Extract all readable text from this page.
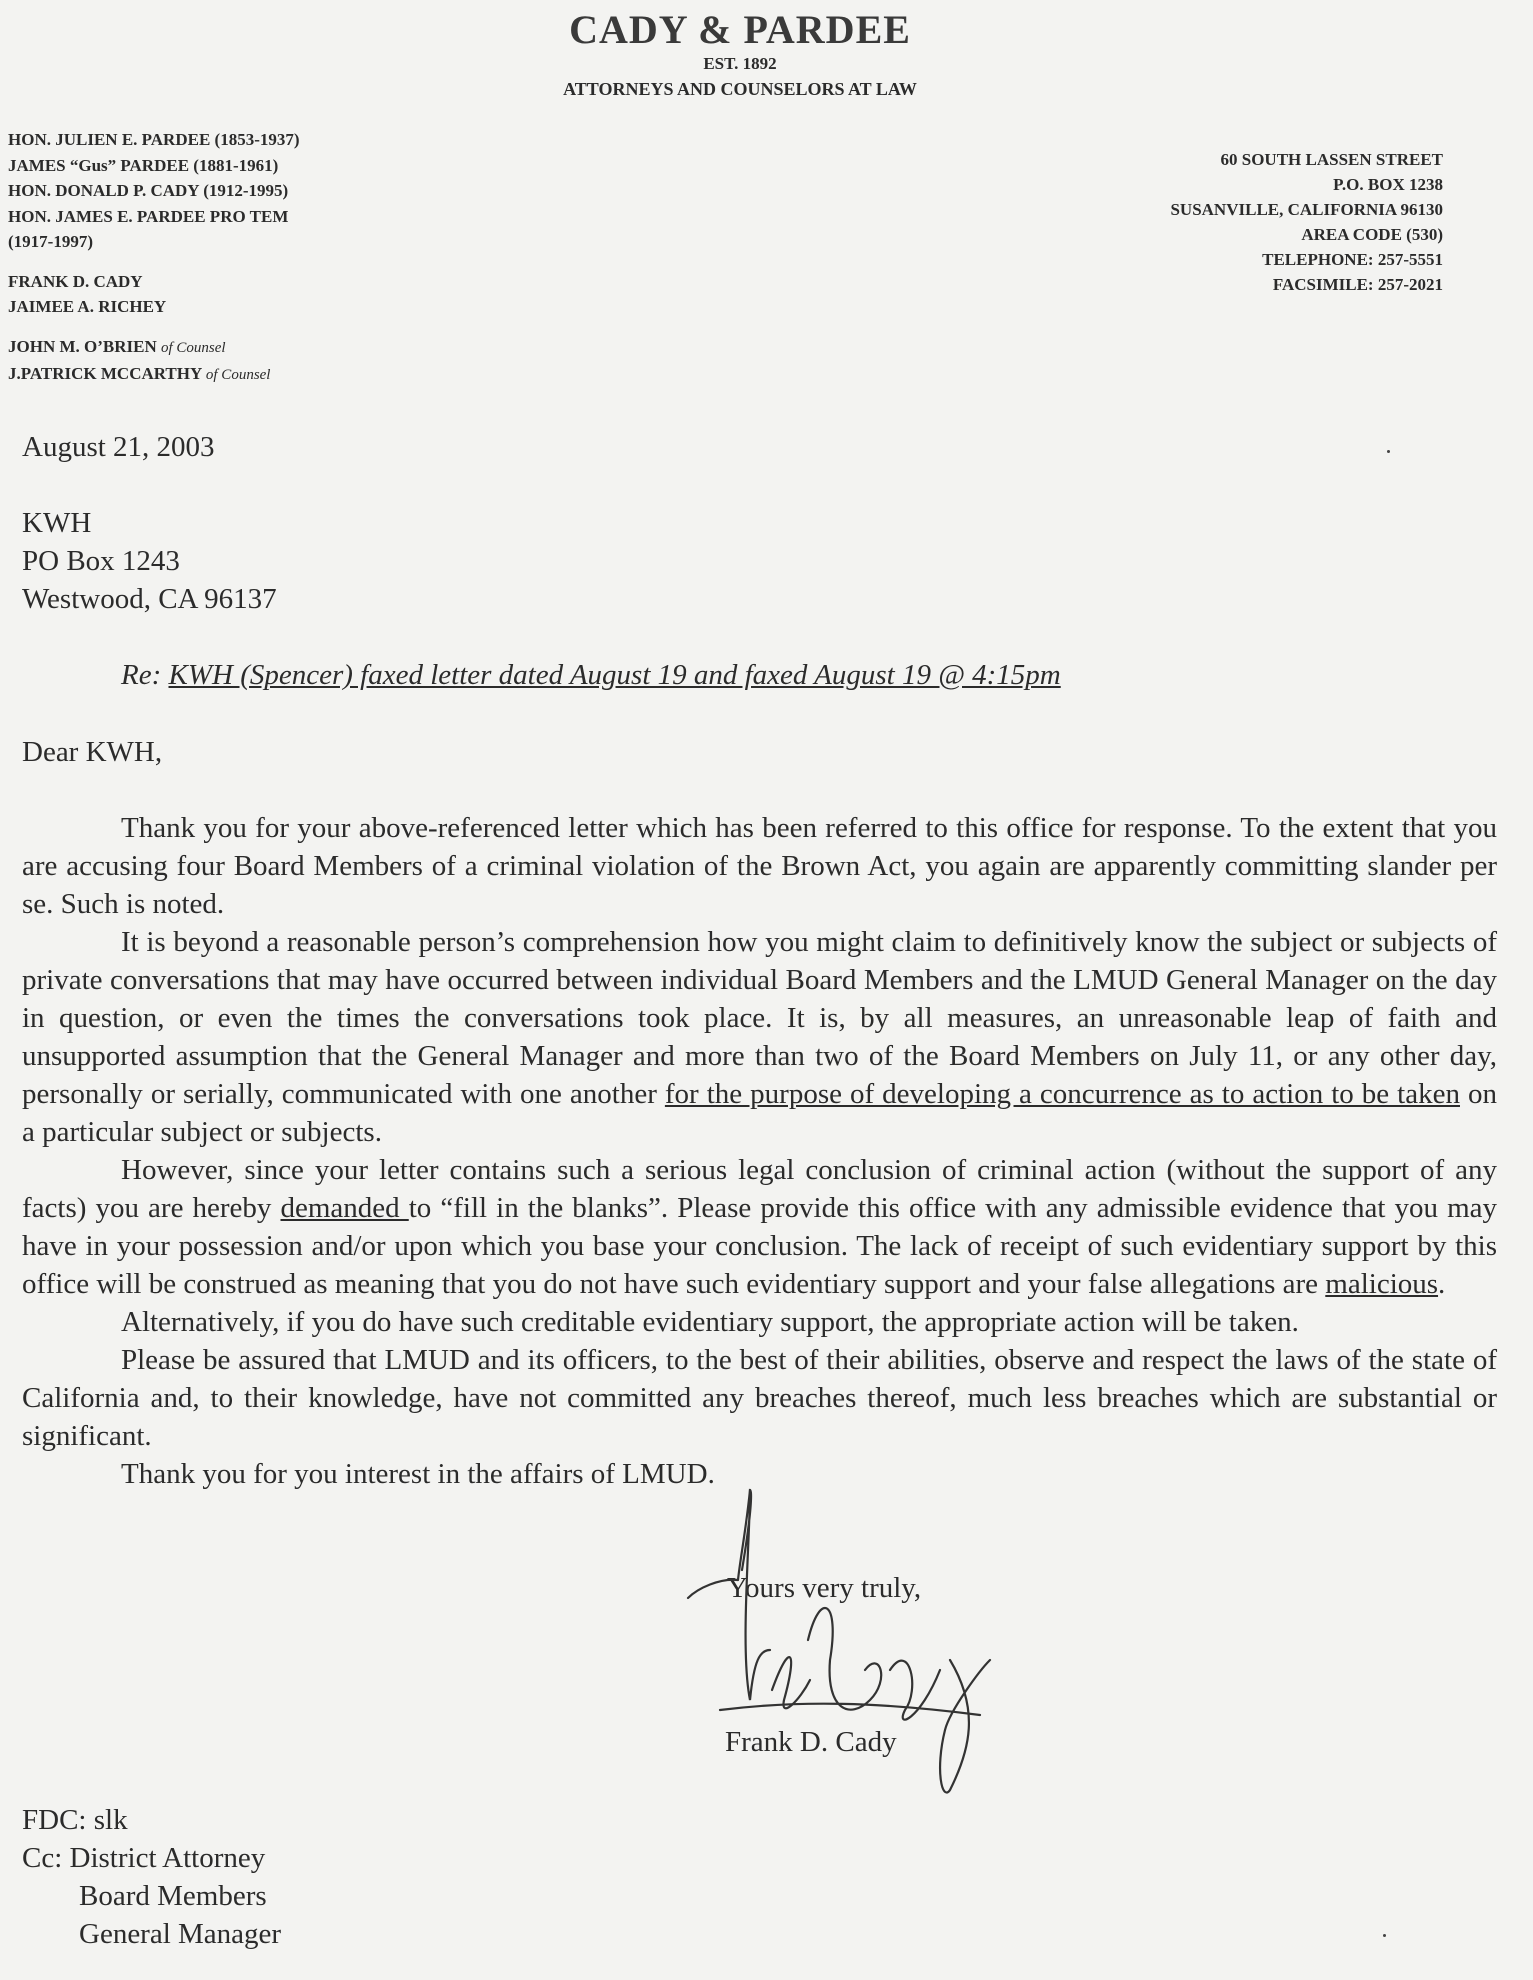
CADY & PARDEE
EST. 1892
ATTORNEYS AND COUNSELORS AT LAW
HON. JULIEN E. PARDEE (1853-1937)
JAMES “Gus” PARDEE (1881-1961)
HON. DONALD P. CADY (1912-1995)
HON. JAMES E. PARDEE PRO TEM
(1917-1997)
FRANK D. CADY
JAIMEE A. RICHEY
JOHN M. O’BRIEN of Counsel
J.PATRICK MCCARTHY of Counsel
60 SOUTH LASSEN STREET
P.O. BOX 1238
SUSANVILLE, CALIFORNIA 96130
AREA CODE (530)
TELEPHONE: 257-5551
FACSIMILE: 257-2021
August 21, 2003
KWH
PO Box 1243
Westwood, CA 96137
Re: KWH (Spencer) faxed letter dated August 19 and faxed August 19 @ 4:15pm
Dear KWH,

Thank you for your above-referenced letter which has been referred to this office for response. To the extent that you are accusing four Board Members of a criminal violation of the Brown Act, you again are apparently committing slander per se. Such is noted.

It is beyond a reasonable person’s comprehension how you might claim to definitively know the subject or subjects of private conversations that may have occurred between individual Board Members and the LMUD General Manager on the day in question, or even the times the conversations took place. It is, by all measures, an unreasonable leap of faith and unsupported assumption that the General Manager and more than two of the Board Members on July 11, or any other day, personally or serially, communicated with one another for the purpose of developing a concurrence as to action to be taken on a particular subject or subjects.

However, since your letter contains such a serious legal conclusion of criminal action (without the support of any facts) you are hereby demanded to “fill in the blanks”. Please provide this office with any admissible evidence that you may have in your possession and/or upon which you base your conclusion. The lack of receipt of such evidentiary support by this office will be construed as meaning that you do not have such evidentiary support and your false allegations are malicious.

Alternatively, if you do have such creditable evidentiary support, the appropriate action will be taken.

Please be assured that LMUD and its officers, to the best of their abilities, observe and respect the laws of the state of California and, to their knowledge, have not committed any breaches thereof, much less breaches which are substantial or significant.

Thank you for you interest in the affairs of LMUD.

Yours very truly,
Frank D. Cady
FDC: slk
Cc: District Attorney
Board Members
General Manager
